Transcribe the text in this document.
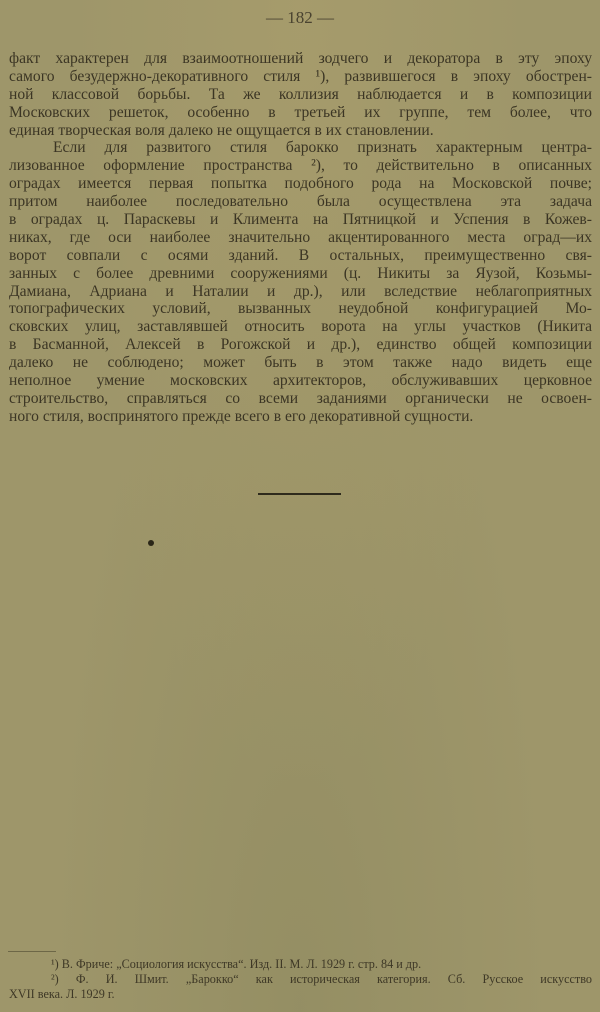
— 182 —
факт характерен для взаимоотношений зодчего и декоратора в эту эпоху
самого безудержно-декоративного стиля ¹), развившегося в эпоху обострен-
ной классовой борьбы. Та же коллизия наблюдается и в композиции
Московских решеток, особенно в третьей их группе, тем более, что
единая творческая воля далеко не ощущается в их становлении.
Если для развитого стиля барокко признать характерным центра-
лизованное оформление пространства ²), то действительно в описанных
оградах имеется первая попытка подобного рода на Московской почве;
притом наиболее последовательно была осуществлена эта задача
в оградах ц. Параскевы и Климента на Пятницкой и Успения в Кожев-
никах, где оси наиболее значительно акцентированного места оград—их
ворот совпали с осями зданий. В остальных, преимущественно свя-
занных с более древними сооружениями (ц. Никиты за Яузой, Козьмы-
Дамиана, Адриана и Наталии и др.), или вследствие неблагоприятных
топографических условий, вызванных неудобной конфигурацией Мо-
сковских улиц, заставлявшей относить ворота на углы участков (Никита
в Басманной, Алексей в Рогожской и др.), единство общей композиции
далеко не соблюдено; может быть в этом также надо видеть еще
неполное умение московских архитекторов, обслуживавших церковное
строительство, справляться со всеми заданиями органически не освоен-
ного стиля, воспринятого прежде всего в его декоративной сущности.
¹) В. Фриче: „Социология искусства“. Изд. II. М. Л. 1929 г. стр. 84 и др.
²) Ф. И. Шмит. „Барокко“ как историческая категория. Сб. Русское искусство
XVII века. Л. 1929 г.
